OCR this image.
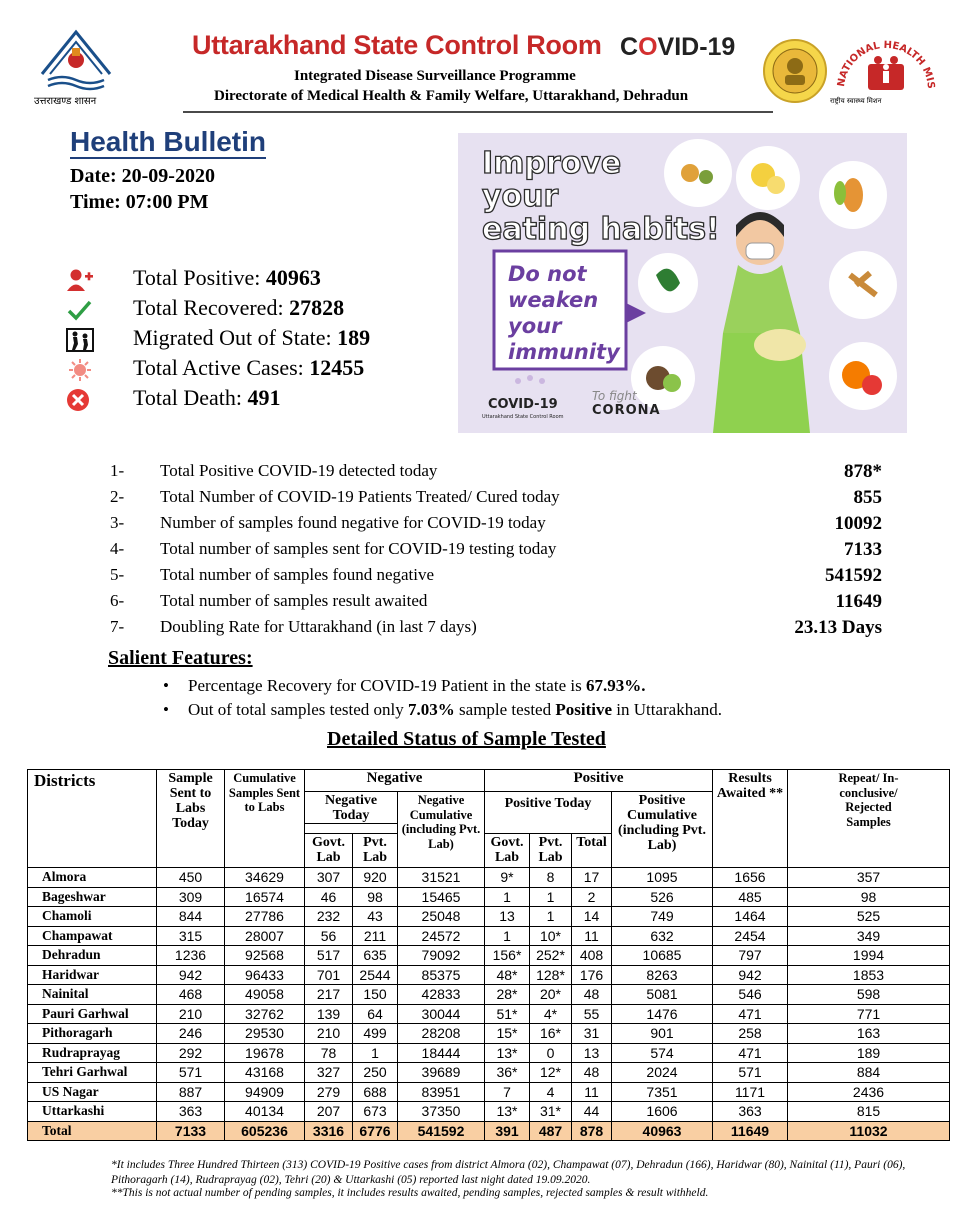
उत्तराखण्ड शासन
Uttarakhand State Control Room COVID-19
Integrated Disease Surveillance Programme
Directorate of Medical Health & Family Welfare, Uttarakhand, Dehradun
NATIONAL HEALTH MIS
राष्ट्रीय स्वास्थ्य मिशन
Health Bulletin
Date: 20-09-2020
Time: 07:00 PM
Total Positive: 40963
Total Recovered: 27828
Migrated Out of State: 189
Total Active Cases: 12455
Total Death: 491
Improve
your
eating habits!
Do not
weaken
your
immunity
COVID-19
Uttarakhand State Control Room
To fight
CORONA
1- Total Positive COVID-19 detected today	878*
2- Total Number of COVID-19 Patients Treated/ Cured today	855
3- Number of samples found negative for COVID-19 today	10092
4- Total number of samples sent for COVID-19 testing today	7133
5- Total number of samples found negative	541592
6- Total number of samples result awaited	11649
7- Doubling Rate for Uttarakhand (in last 7 days)	23.13 Days
Salient Features:
• Percentage Recovery for COVID-19 Patient in the state is 67.93%.
• Out of total samples tested only 7.03% sample tested Positive in Uttarakhand.
Detailed Status of Sample Tested
Districts	Sample Sent to Labs Today	Cumulative Samples Sent to Labs	Negative			Positive				Results Awaited **	Repeat/ In-conclusive/ Rejected Samples
			Negative Today		Negative Cumulative (including Pvt. Lab)	Positive Today			Positive Cumulative (including Pvt. Lab)		

			Govt. Lab	Pvt. Lab		Govt. Lab	Pvt. Lab	Total			
Almora	450	34629	307	920	31521	9*	8	17	1095	1656	357
Bageshwar	309	16574	46	98	15465	1	1	2	526	485	98
Chamoli	844	27786	232	43	25048	13	1	14	749	1464	525
Champawat	315	28007	56	211	24572	1	10*	11	632	2454	349
Dehradun	1236	92568	517	635	79092	156*	252*	408	10685	797	1994
Haridwar	942	96433	701	2544	85375	48*	128*	176	8263	942	1853
Nainital	468	49058	217	150	42833	28*	20*	48	5081	546	598
Pauri Garhwal	210	32762	139	64	30044	51*	4*	55	1476	471	771
Pithoragarh	246	29530	210	499	28208	15*	16*	31	901	258	163
Rudraprayag	292	19678	78	1	18444	13*	0	13	574	471	189
Tehri Garhwal	571	43168	327	250	39689	36*	12*	48	2024	571	884
US Nagar	887	94909	279	688	83951	7	4	11	7351	1171	2436
Uttarkashi	363	40134	207	673	37350	13*	31*	44	1606	363	815
Total	7133	605236	3316	6776	541592	391	487	878	40963	11649	11032
*It includes Three Hundred Thirteen (313) COVID-19 Positive cases from district Almora (02), Champawat (07), Dehradun (166), Haridwar (80), Nainital (11), Pauri (06), Pithoragarh (14), Rudraprayag (02), Tehri (20) & Uttarkashi (05) reported last night dated 19.09.2020.
**This is not actual number of pending samples, it includes results awaited, pending samples, rejected samples & result withheld.
